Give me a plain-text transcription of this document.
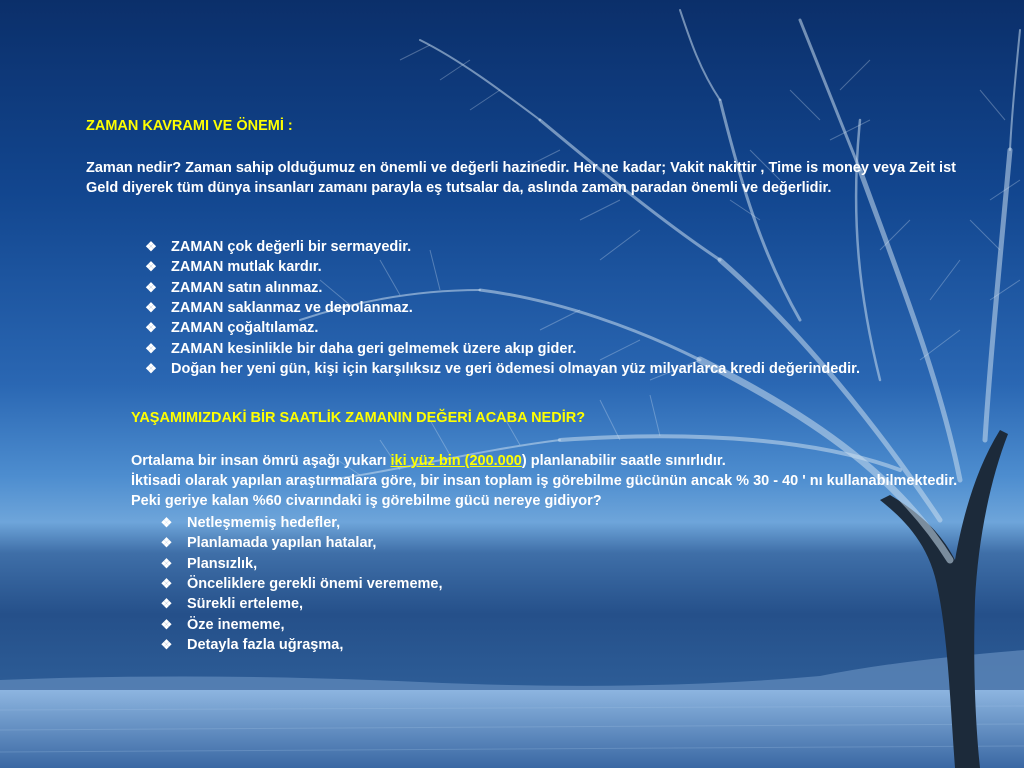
ZAMAN KAVRAMI VE ÖNEMİ :
Zaman nedir? Zaman sahip olduğumuz en önemli ve değerli hazinedir. Her ne kadar; Vakit nakittir , Time is money veya Zeit ist Geld diyerek tüm dünya insanları zamanı parayla eş tutsalar da, aslında zaman paradan önemli ve değerlidir.
❖ ZAMAN çok değerli bir sermayedir.
❖ ZAMAN mutlak kardır.
❖ ZAMAN satın alınmaz.
❖ ZAMAN saklanmaz ve depolanmaz.
❖ ZAMAN çoğaltılamaz.
❖ ZAMAN kesinlikle bir daha geri gelmemek üzere akıp gider.
❖ Doğan her yeni gün, kişi için karşılıksız ve geri ödemesi olmayan yüz milyarlarca kredi değerindedir.
YAŞAMIMIZDAKİ BİR SAATLİK ZAMANIN DEĞERİ ACABA NEDİR?
Ortalama bir insan ömrü aşağı yukarı iki yüz bin (200.000) planlanabilir saatle sınırlıdır.
İktisadi olarak yapılan araştırmalara göre, bir insan toplam iş görebilme gücünün ancak % 30 - 40 ' nı kullanabilmektedir. Peki geriye kalan %60 civarındaki iş görebilme gücü nereye gidiyor?
❖	Netleşmemiş hedefler,
❖	Planlamada yapılan hatalar,
❖	Plansızlık,
❖	Önceliklere gerekli önemi verememe,
❖	Sürekli erteleme,
❖	Öze inememe,
❖	Detayla fazla uğraşma,
